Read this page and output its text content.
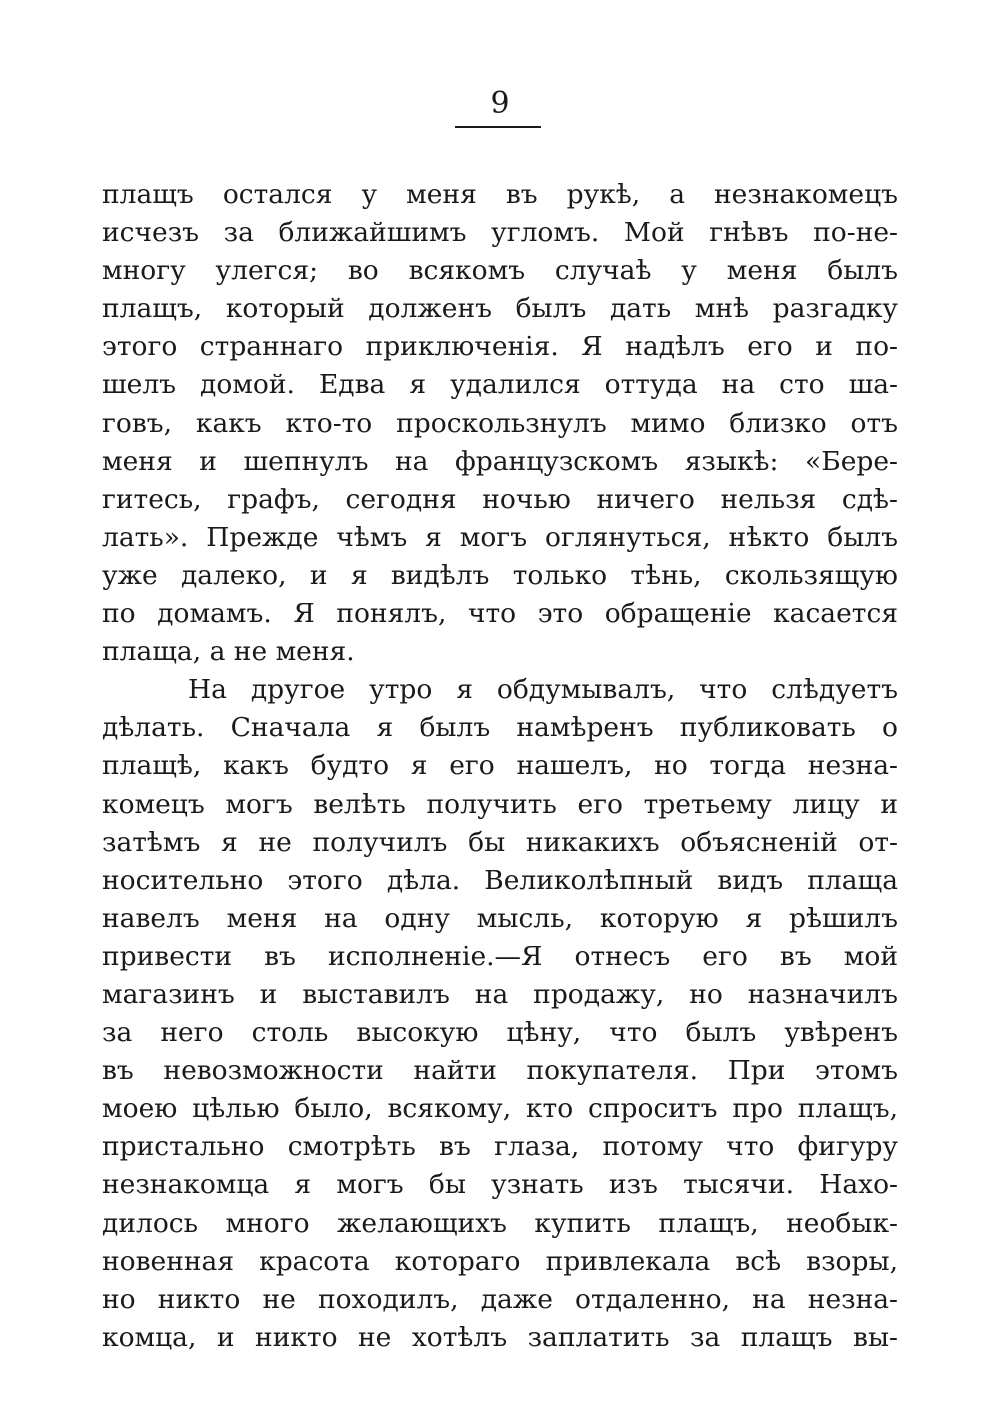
9
плащъ остался у меня въ рукѣ, а незнакомецъ
исчезъ за ближайшимъ угломъ. Мой гнѣвъ по-не-
многу улегся; во всякомъ случаѣ у меня былъ
плащъ, который долженъ былъ дать мнѣ разгадку
этого страннаго приключенія. Я надѣлъ его и по-
шелъ домой. Едва я удалился оттуда на сто ша-
говъ, какъ кто-то проскользнулъ мимо близко отъ
меня и шепнулъ на французскомъ языкѣ: «Бере-
гитесь, графъ, сегодня ночью ничего нельзя сдѣ-
лать». Прежде чѣмъ я могъ оглянуться, нѣкто былъ
уже далеко, и я видѣлъ только тѣнь, скользящую
по домамъ. Я понялъ, что это обращеніе касается
плаща, а не меня.
На другое утро я обдумывалъ, что слѣдуетъ
дѣлать. Сначала я былъ намѣренъ публиковать о
плащѣ, какъ будто я его нашелъ, но тогда незна-
комецъ могъ велѣть получить его третьему лицу и
затѣмъ я не получилъ бы никакихъ объясненій от-
носительно этого дѣла. Великолѣпный видъ плаща
навелъ меня на одну мысль, которую я рѣшилъ
привести въ исполненіе.—Я отнесъ его въ мой
магазинъ и выставилъ на продажу, но назначилъ
за него столь высокую цѣну, что былъ увѣренъ
въ невозможности найти покупателя. При этомъ
моею цѣлью было, всякому, кто спроситъ про плащъ,
пристально смотрѣть въ глаза, потому что фигуру
незнакомца я могъ бы узнать изъ тысячи. Нахо-
дилось много желающихъ купить плащъ, необык-
новенная красота котораго привлекала всѣ взоры,
но никто не походилъ, даже отдаленно, на незна-
комца, и никто не хотѣлъ заплатить за плащъ вы-
